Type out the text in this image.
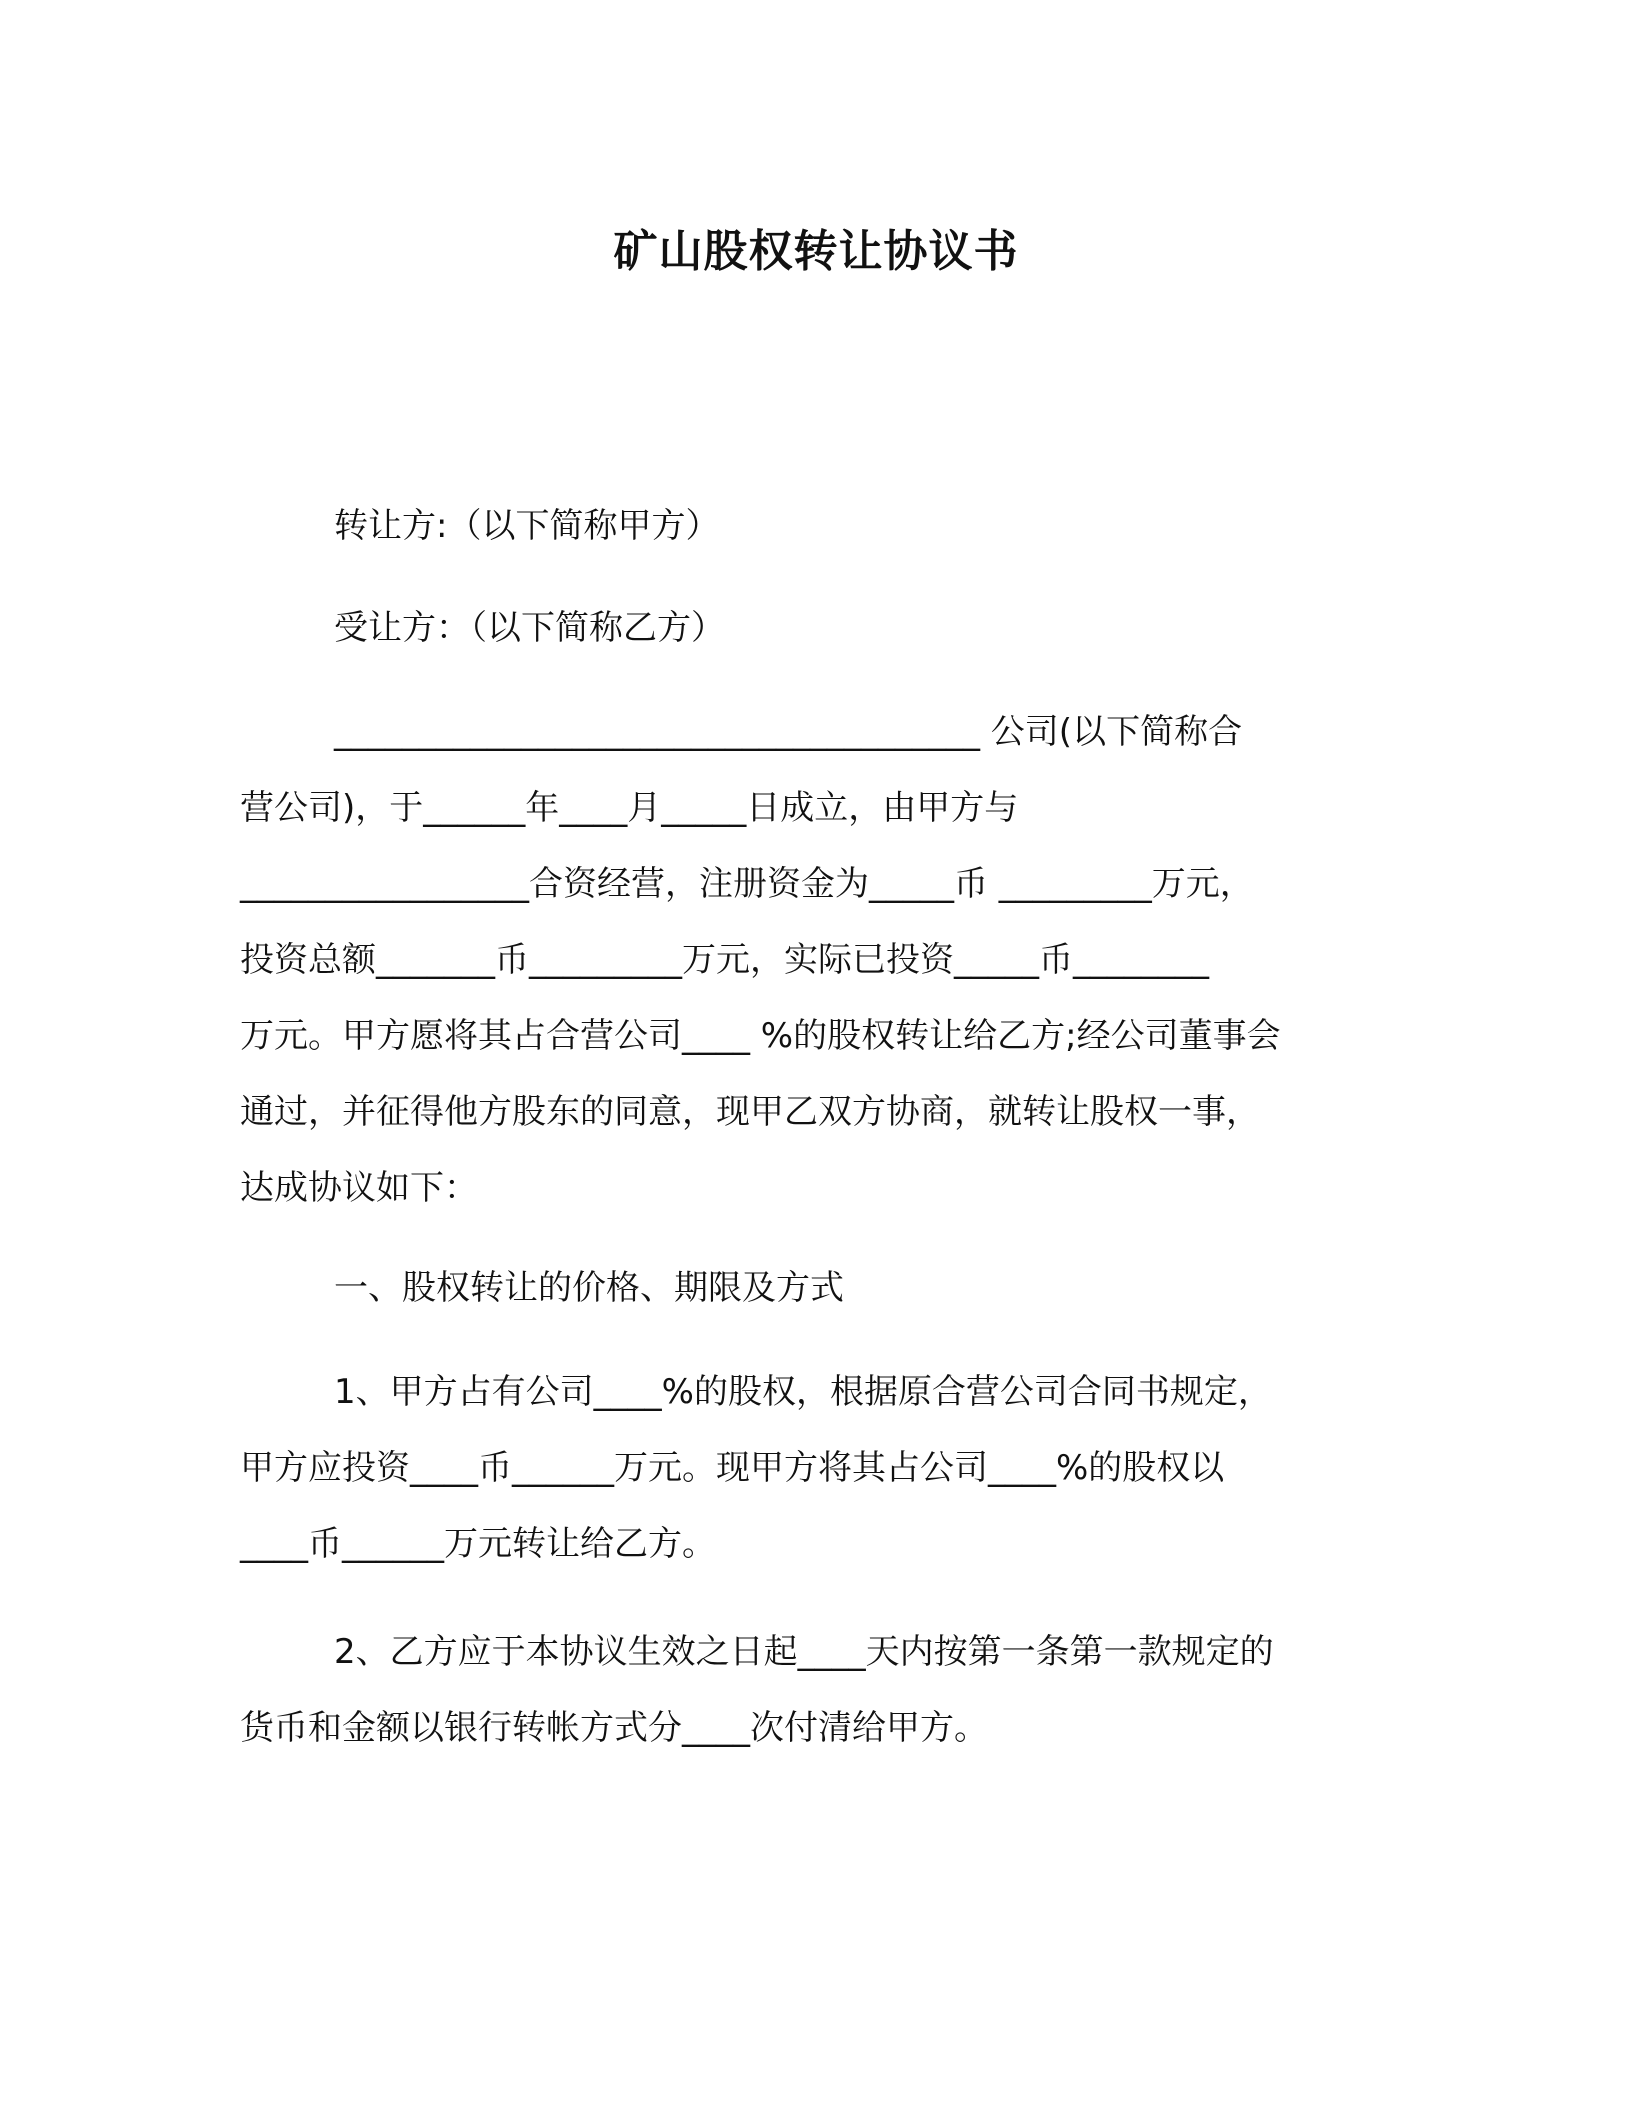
矿山股权转让协议书

转让方:（以下简称甲方）

受让方：（以下简称乙方）

______________________________________ 公司(以下简称合
营公司)，于______年____月_____日成立，由甲方与
_________________合资经营，注册资金为_____币 _________万元，
投资总额_______币_________万元，实际已投资_____币________
万元。甲方愿将其占合营公司____ %的股权转让给乙方;经公司董事会
通过，并征得他方股东的同意，现甲乙双方协商，就转让股权一事，
达成协议如下：

一、股权转让的价格、期限及方式

1、甲方占有公司____%的股权，根据原合营公司合同书规定，
甲方应投资____币______万元。现甲方将其占公司____%的股权以
____币______万元转让给乙方。
2、乙方应于本协议生效之日起____天内按第一条第一款规定的
货币和金额以银行转帐方式分____次付清给甲方。
